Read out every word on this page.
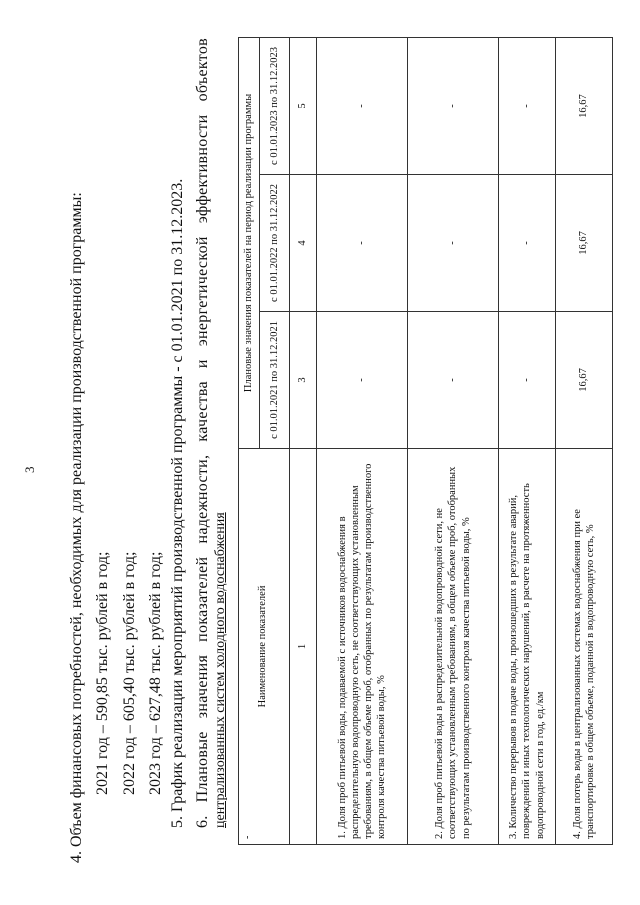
3 4. Объем финансовых потребностей, необходимых для реализации производственной программы: 2021 год – 590,85 тыс. рублей в год; 2022 год – 605,40 тыс. рублей в год; 2023 год – 627,48 тыс. рублей в год; 5. График реализации мероприятий производственной программы - с 01.01.2021 по 31.12.2023. 6. Плановые значения показателей надежности, качества и энергетической эффективности объектов централизованных систем холодного водоснабжения
-
Наименование показателей	Плановые значения показателей на период реализации программы		
	с 01.01.2021 по 31.12.2021	с 01.01.2022 по 31.12.2022	с 01.01.2023 по 31.12.2023
1	3	4	5
1. Доля проб питьевой воды, подаваемой с источников водоснабжения в распределительную водопроводную сеть, не соответствующих установленным требованиям, в общем объеме проб, отобранных по результатам производственного контроля качества питьевой воды, %	-	-	-
2. Доля проб питьевой воды в распределительной водопроводной сети, не соответствующих установленным требованиям, в общем объеме проб, отобранных по результатам производственного контроля качества питьевой воды, %	-	-	-
3. Количество перерывов в подаче воды, произошедших в результате аварий, повреждений и иных технологических нарушений, в расчете на протяженность водопроводной сети в год, ед./км	-	-	-
4. Доля потерь воды в централизованных системах водоснабжения при ее транспортировке в общем объеме, поданной в водопроводную сеть, %	16,67	16,67	16,67
